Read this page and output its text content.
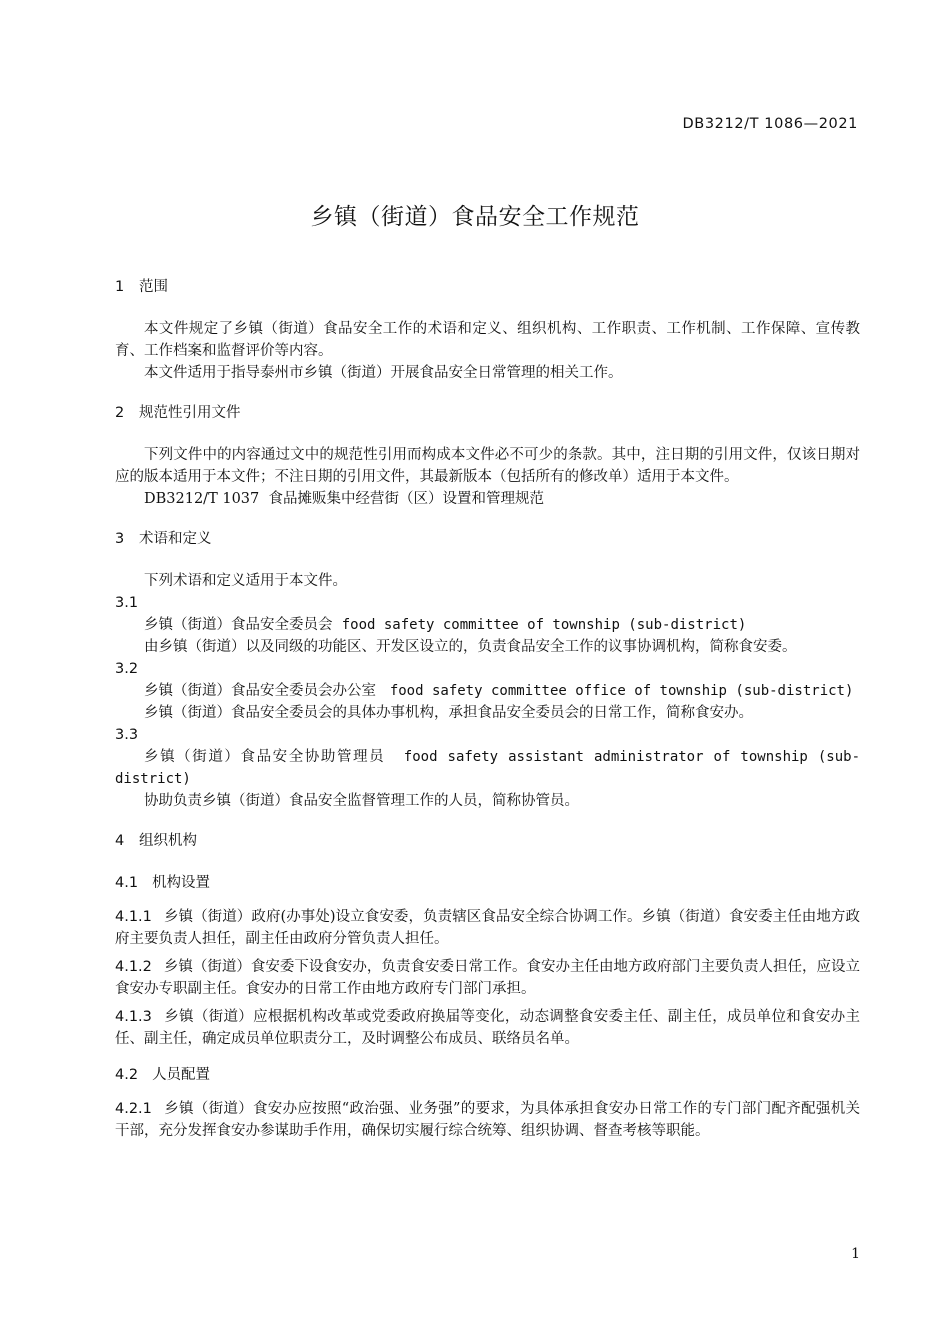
DB3212/T 1086—2021
乡镇（街道）食品安全工作规范
1 范围
本文件规定了乡镇（街道）食品安全工作的术语和定义、组织机构、工作职责、工作机制、工作保障、宣传教育、工作档案和监督评价等内容。
本文件适用于指导泰州市乡镇（街道）开展食品安全日常管理的相关工作。
2 规范性引用文件
下列文件中的内容通过文中的规范性引用而构成本文件必不可少的条款。其中，注日期的引用文件，仅该日期对应的版本适用于本文件；不注日期的引用文件，其最新版本（包括所有的修改单）适用于本文件。
DB3212/T 1037  食品摊贩集中经营街（区）设置和管理规范
3 术语和定义
下列术语和定义适用于本文件。
3.1
乡镇（街道）食品安全委员会 food safety committee of township (sub-district)
由乡镇（街道）以及同级的功能区、开发区设立的，负责食品安全工作的议事协调机构，简称食安委。
3.2
乡镇（街道）食品安全委员会办公室 food safety committee office of township (sub-district)
乡镇（街道）食品安全委员会的具体办事机构，承担食品安全委员会的日常工作，简称食安办。
3.3
乡镇（街道）食品安全协助管理员 food safety assistant administrator of township (sub-district)
协助负责乡镇（街道）食品安全监督管理工作的人员，简称协管员。
4 组织机构
4.1 机构设置
4.1.1 乡镇（街道）政府(办事处)设立食安委，负责辖区食品安全综合协调工作。乡镇（街道）食安委主任由地方政府主要负责人担任，副主任由政府分管负责人担任。
4.1.2 乡镇（街道）食安委下设食安办，负责食安委日常工作。食安办主任由地方政府部门主要负责人担任，应设立食安办专职副主任。食安办的日常工作由地方政府专门部门承担。
4.1.3 乡镇（街道）应根据机构改革或党委政府换届等变化，动态调整食安委主任、副主任，成员单位和食安办主任、副主任，确定成员单位职责分工，及时调整公布成员、联络员名单。
4.2 人员配置
4.2.1 乡镇（街道）食安办应按照“政治强、业务强”的要求，为具体承担食安办日常工作的专门部门配齐配强机关干部，充分发挥食安办参谋助手作用，确保切实履行综合统筹、组织协调、督查考核等职能。
1
